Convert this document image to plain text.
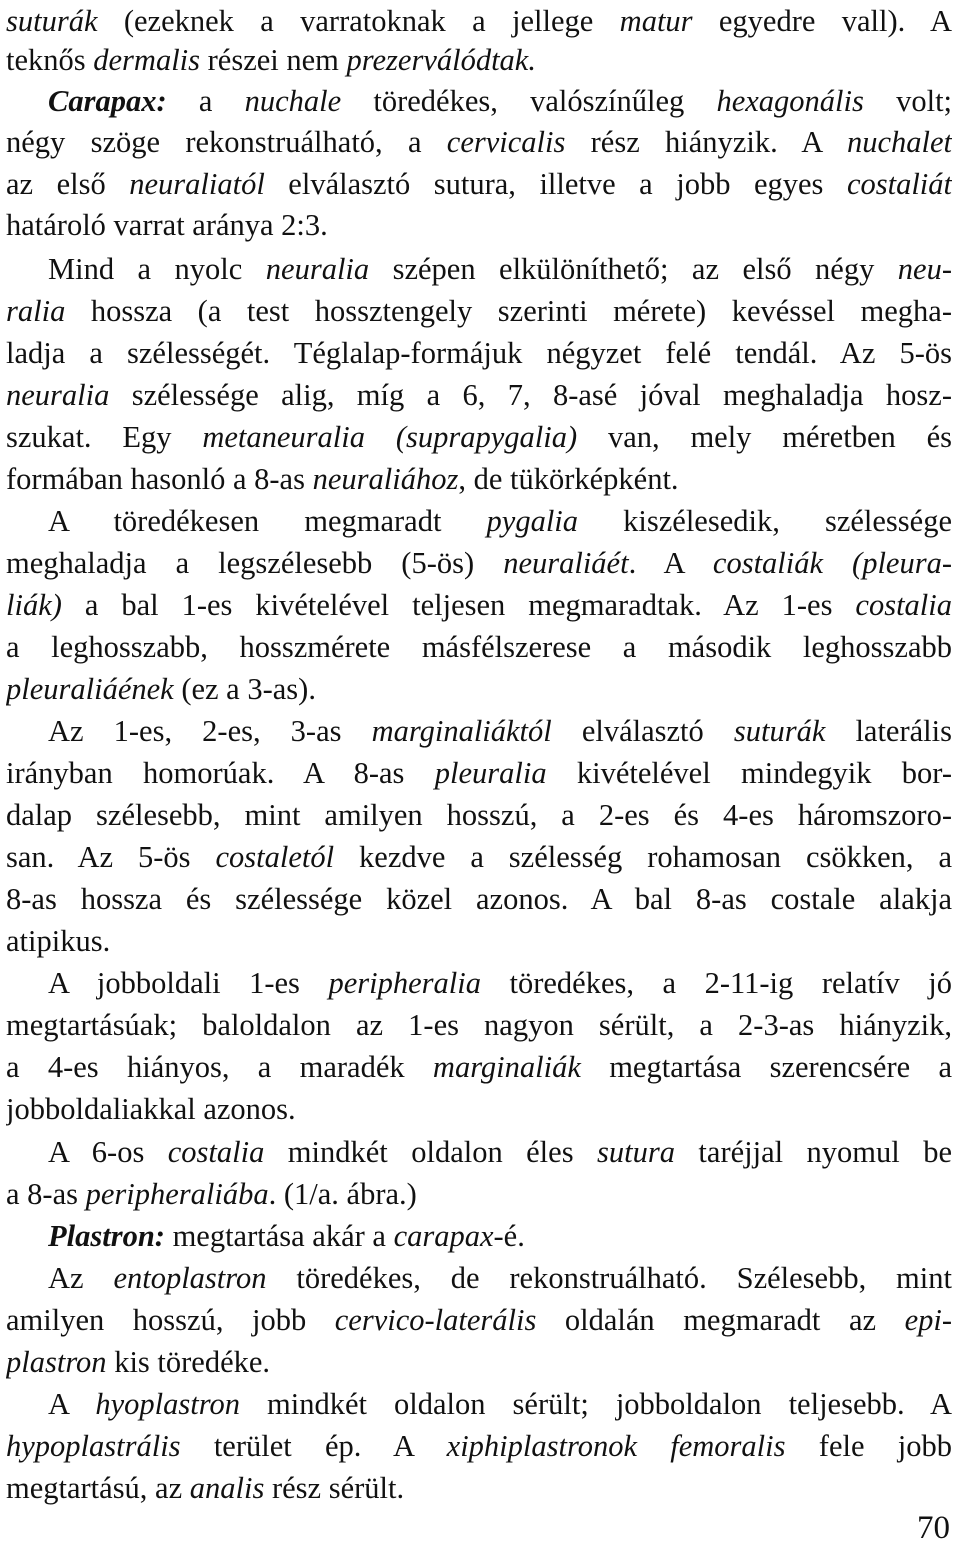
suturák (ezeknek a varratoknak a jellege matur egyedre vall). A
teknős dermalis részei nem prezerválódtak.
Carapax: a nuchale töredékes, valószínűleg hexagonális volt;
négy szöge rekonstruálható, a cervicalis rész hiányzik. A nuchalet
az első neuraliatól elválasztó sutura, illetve a jobb egyes costaliát
határoló varrat aránya 2:3.
Mind a nyolc neuralia szépen elkülöníthető; az első négy neu-
ralia hossza (a test hossztengely szerinti mérete) kevéssel megha-
ladja a szélességét. Téglalap-formájuk négyzet felé tendál. Az 5-ös
neuralia szélessége alig, míg a 6, 7, 8-asé jóval meghaladja hosz-
szukat. Egy metaneuralia (suprapygalia) van, mely méretben és
formában hasonló a 8-as neuraliához, de tükörképként.
A töredékesen megmaradt pygalia kiszélesedik, szélessége
meghaladja a legszélesebb (5-ös) neuraliáét. A costaliák (pleura-
liák) a bal 1-es kivételével teljesen megmaradtak. Az 1-es costalia
a leghosszabb, hosszmérete másfélszerese a második leghosszabb
pleuraliáének (ez a 3-as).
Az 1-es, 2-es, 3-as marginaliáktól elválasztó suturák laterális
irányban homorúak. A 8-as pleuralia kivételével mindegyik bor-
dalap szélesebb, mint amilyen hosszú, a 2-es és 4-es háromszoro-
san. Az 5-ös costaletól kezdve a szélesség rohamosan csökken, a
8-as hossza és szélessége közel azonos. A bal 8-as costale alakja
atipikus.
A jobboldali 1-es peripheralia töredékes, a 2-11-ig relatív jó
megtartásúak; baloldalon az 1-es nagyon sérült, a 2-3-as hiányzik,
a 4-es hiányos, a maradék marginaliák megtartása szerencsére a
jobboldaliakkal azonos.
A 6-os costalia mindkét oldalon éles sutura taréjjal nyomul be
a 8-as peripheraliába. (1/a. ábra.)
Plastron: megtartása akár a carapax-é.
Az entoplastron töredékes, de rekonstruálható. Szélesebb, mint
amilyen hosszú, jobb cervico-laterális oldalán megmaradt az epi-
plastron kis töredéke.
A hyoplastron mindkét oldalon sérült; jobboldalon teljesebb. A
hypoplastrális terület ép. A xiphiplastronok femoralis fele jobb
megtartású, az analis rész sérült.
70
